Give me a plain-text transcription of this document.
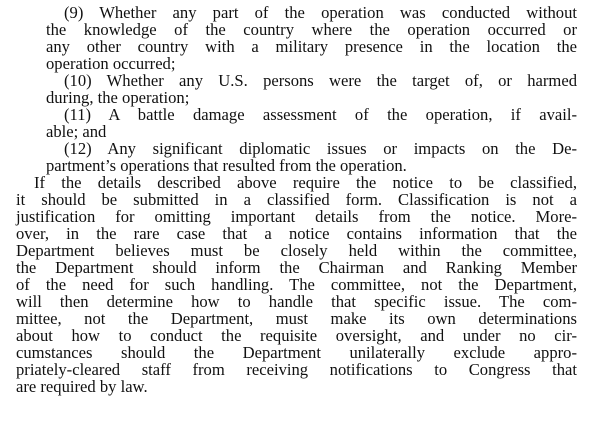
(9) Whether any part of the operation was conducted without
the knowledge of the country where the operation occurred or
any other country with a military presence in the location the
operation occurred;
(10) Whether any U.S. persons were the target of, or harmed
during, the operation;
(11) A battle damage assessment of the operation, if avail-
able; and
(12) Any significant diplomatic issues or impacts on the De-
partment’s operations that resulted from the operation.
If the details described above require the notice to be classified,
it should be submitted in a classified form. Classification is not a
justification for omitting important details from the notice. More-
over, in the rare case that a notice contains information that the
Department believes must be closely held within the committee,
the Department should inform the Chairman and Ranking Member
of the need for such handling. The committee, not the Department,
will then determine how to handle that specific issue. The com-
mittee, not the Department, must make its own determinations
about how to conduct the requisite oversight, and under no cir-
cumstances should the Department unilaterally exclude appro-
priately-cleared staff from receiving notifications to Congress that
are required by law.
